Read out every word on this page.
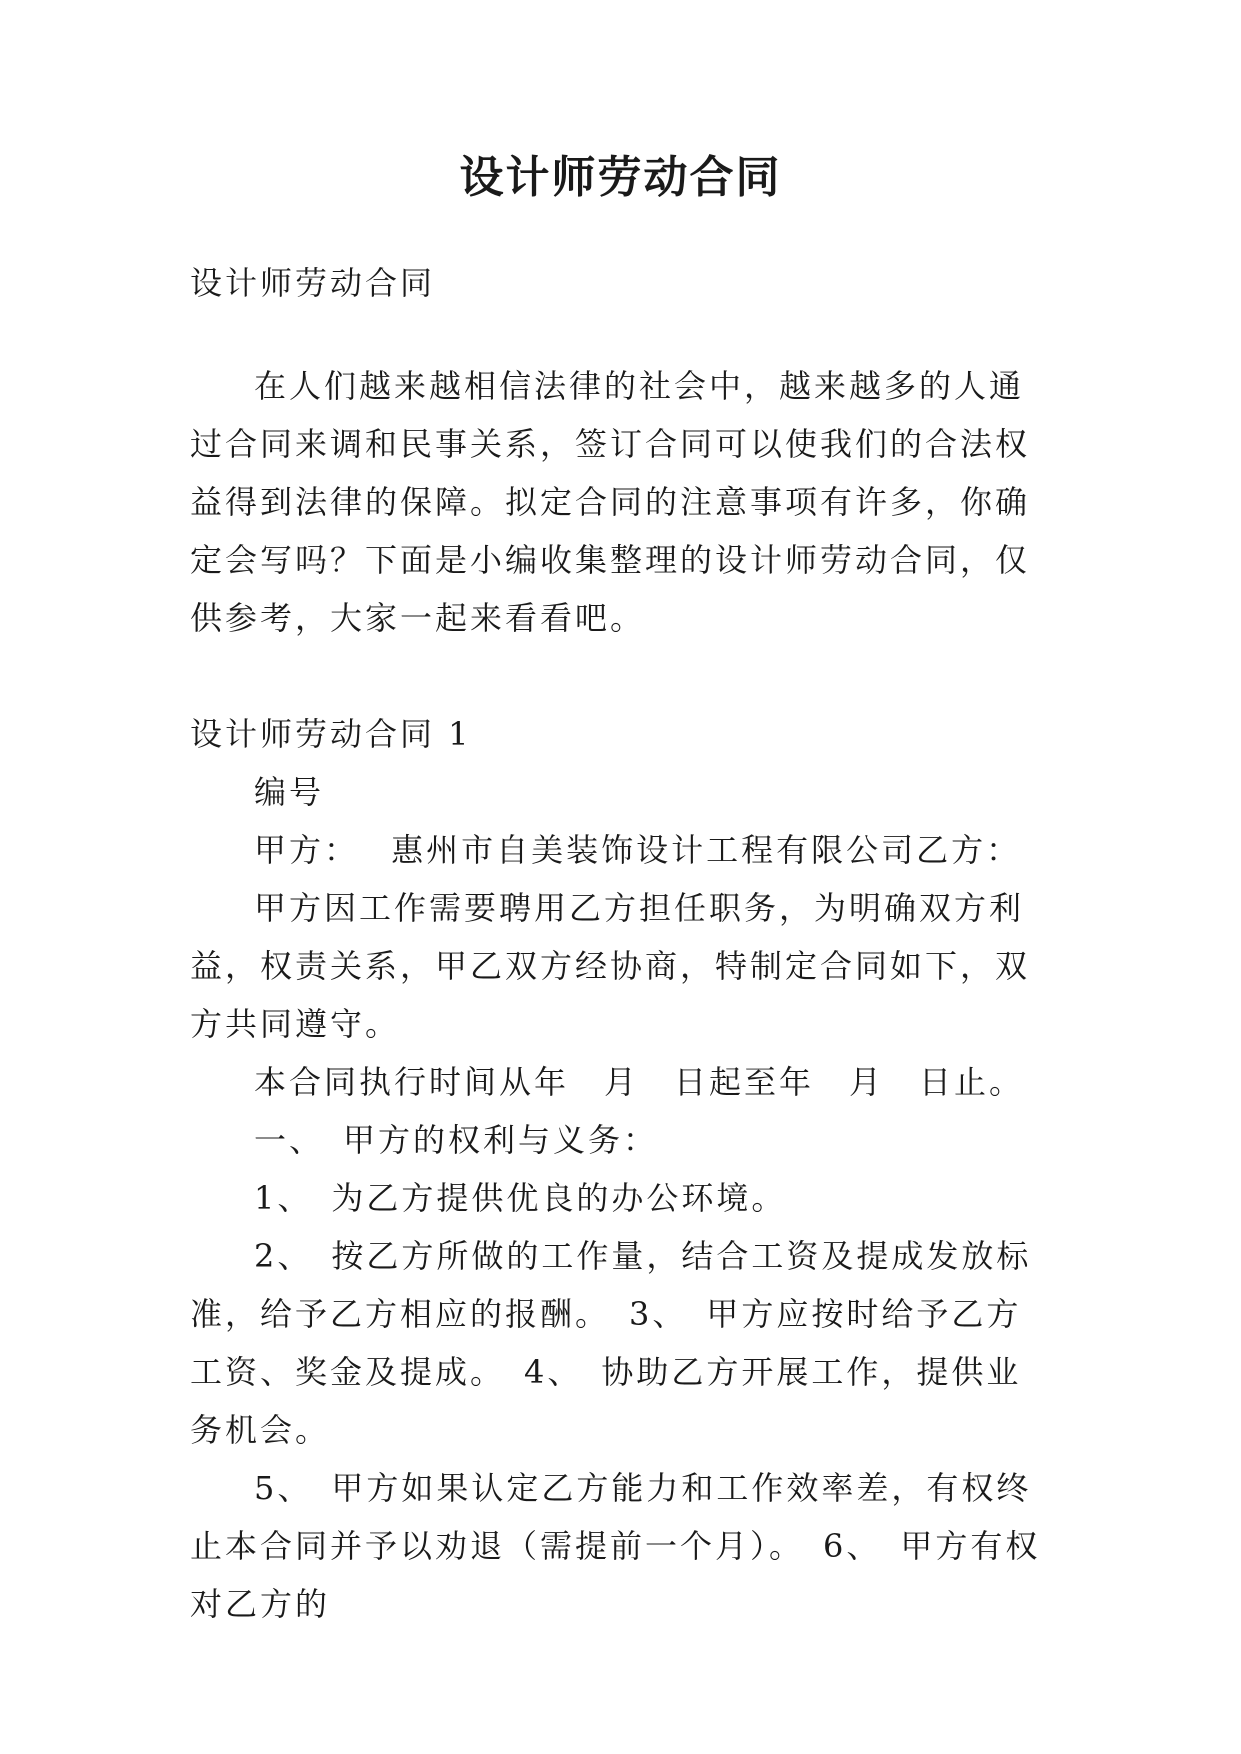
设计师劳动合同

设计师劳动合同

在人们越来越相信法律的社会中，越来越多的人通过合同来调和民事关系，签订合同可以使我们的合法权益得到法律的保障。拟定合同的注意事项有许多，你确定会写吗？下面是小编收集整理的设计师劳动合同，仅供参考，大家一起来看看吧。

设计师劳动合同 1

编号

甲方：　 惠州市自美装饰设计工程有限公司乙方：

甲方因工作需要聘用乙方担任职务，为明确双方利益，权责关系，甲乙双方经协商，特制定合同如下，双方共同遵守。

本合同执行时间从年　月　日起至年　月　日止。

一、　甲方的权利与义务：

1、　为乙方提供优良的办公环境。

2、　按乙方所做的工作量，结合工资及提成发放标准，给予乙方相应的报酬。　3、　甲方应按时给予乙方工资、奖金及提成。　4、　协助乙方开展工作，提供业务机会。

5、　甲方如果认定乙方能力和工作效率差，有权终止本合同并予以劝退（需提前一个月）。　6、　甲方有权对乙方的
